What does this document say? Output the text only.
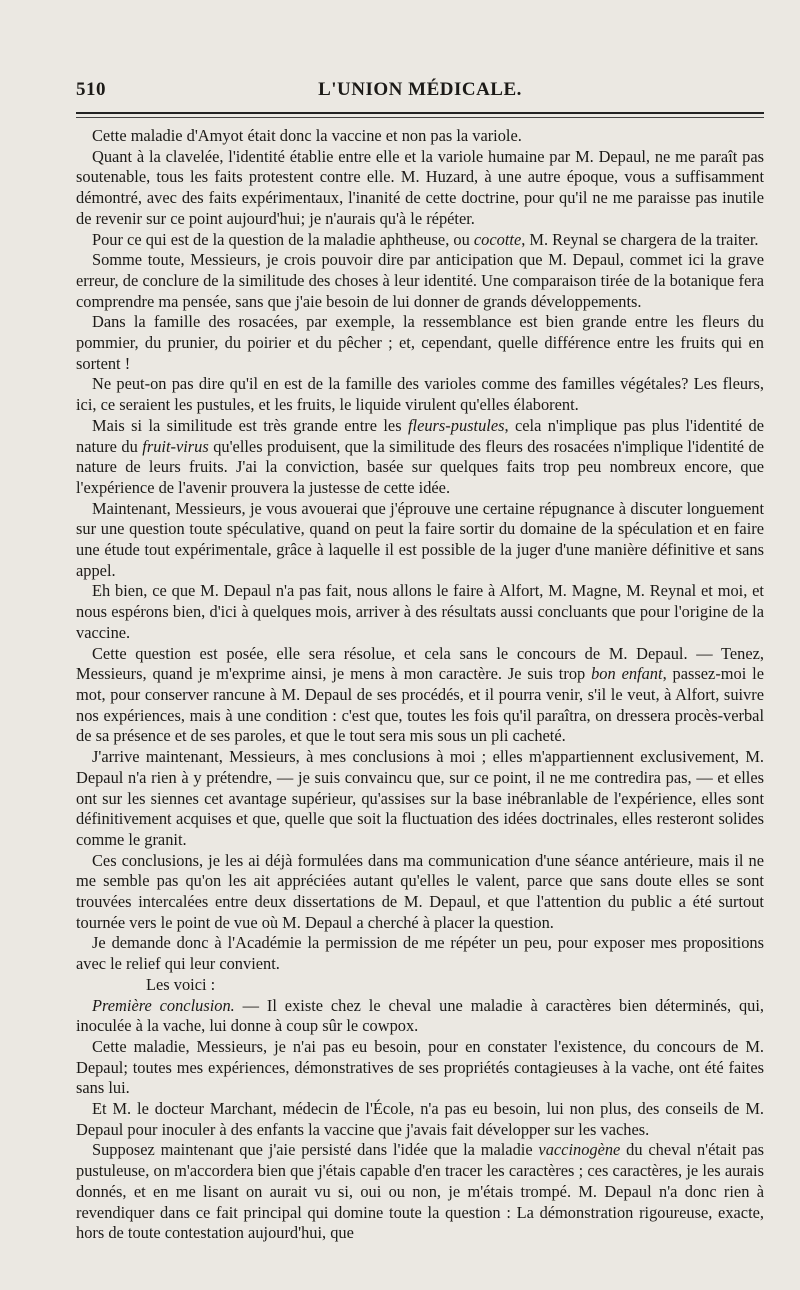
510	L'UNION MÉDICALE.

Cette maladie d'Amyot était donc la vaccine et non pas la variole.

Quant à la clavelée, l'identité établie entre elle et la variole humaine par M. Depaul, ne me paraît pas soutenable, tous les faits protestent contre elle. M. Huzard, à une autre époque, vous a suffisamment démontré, avec des faits expérimentaux, l'inanité de cette doctrine, pour qu'il ne me paraisse pas inutile de revenir sur ce point aujourd'hui; je n'aurais qu'à le répéter.

Pour ce qui est de la question de la maladie aphtheuse, ou cocotte, M. Reynal se chargera de la traiter.

Somme toute, Messieurs, je crois pouvoir dire par anticipation que M. Depaul, commet ici la grave erreur, de conclure de la similitude des choses à leur identité. Une comparaison tirée de la botanique fera comprendre ma pensée, sans que j'aie besoin de lui donner de grands développements.

Dans la famille des rosacées, par exemple, la ressemblance est bien grande entre les fleurs du pommier, du prunier, du poirier et du pêcher ; et, cependant, quelle différence entre les fruits qui en sortent !

Ne peut-on pas dire qu'il en est de la famille des varioles comme des familles végétales? Les fleurs, ici, ce seraient les pustules, et les fruits, le liquide virulent qu'elles élaborent.

Mais si la similitude est très grande entre les fleurs-pustules, cela n'implique pas plus l'identité de nature du fruit-virus qu'elles produisent, que la similitude des fleurs des rosacées n'implique l'identité de nature de leurs fruits. J'ai la conviction, basée sur quelques faits trop peu nombreux encore, que l'expérience de l'avenir prouvera la justesse de cette idée.

Maintenant, Messieurs, je vous avouerai que j'éprouve une certaine répugnance à discuter longuement sur une question toute spéculative, quand on peut la faire sortir du domaine de la spéculation et en faire une étude tout expérimentale, grâce à laquelle il est possible de la juger d'une manière définitive et sans appel.

Eh bien, ce que M. Depaul n'a pas fait, nous allons le faire à Alfort, M. Magne, M. Reynal et moi, et nous espérons bien, d'ici à quelques mois, arriver à des résultats aussi concluants que pour l'origine de la vaccine.

Cette question est posée, elle sera résolue, et cela sans le concours de M. Depaul. — Tenez, Messieurs, quand je m'exprime ainsi, je mens à mon caractère. Je suis trop bon enfant, passez-moi le mot, pour conserver rancune à M. Depaul de ses procédés, et il pourra venir, s'il le veut, à Alfort, suivre nos expériences, mais à une condition : c'est que, toutes les fois qu'il paraîtra, on dressera procès-verbal de sa présence et de ses paroles, et que le tout sera mis sous un pli cacheté.

J'arrive maintenant, Messieurs, à mes conclusions à moi ; elles m'appartiennent exclusivement, M. Depaul n'a rien à y prétendre, — je suis convaincu que, sur ce point, il ne me contredira pas, — et elles ont sur les siennes cet avantage supérieur, qu'assises sur la base inébranlable de l'expérience, elles sont définitivement acquises et que, quelle que soit la fluctuation des idées doctrinales, elles resteront solides comme le granit.

Ces conclusions, je les ai déjà formulées dans ma communication d'une séance antérieure, mais il ne me semble pas qu'on les ait appréciées autant qu'elles le valent, parce que sans doute elles se sont trouvées intercalées entre deux dissertations de M. Depaul, et que l'attention du public a été surtout tournée vers le point de vue où M. Depaul a cherché à placer la question.

Je demande donc à l'Académie la permission de me répéter un peu, pour exposer mes propositions avec le relief qui leur convient.

Les voici :

Première conclusion. — Il existe chez le cheval une maladie à caractères bien déterminés, qui, inoculée à la vache, lui donne à coup sûr le cowpox.

Cette maladie, Messieurs, je n'ai pas eu besoin, pour en constater l'existence, du concours de M. Depaul; toutes mes expériences, démonstratives de ses propriétés contagieuses à la vache, ont été faites sans lui.

Et M. le docteur Marchant, médecin de l'École, n'a pas eu besoin, lui non plus, des conseils de M. Depaul pour inoculer à des enfants la vaccine que j'avais fait développer sur les vaches.

Supposez maintenant que j'aie persisté dans l'idée que la maladie vaccinogène du cheval n'était pas pustuleuse, on m'accordera bien que j'étais capable d'en tracer les caractères ; ces caractères, je les aurais donnés, et en me lisant on aurait vu si, oui ou non, je m'étais trompé. M. Depaul n'a donc rien à revendiquer dans ce fait principal qui domine toute la question : La démonstration rigoureuse, exacte, hors de toute contestation aujourd'hui, que
